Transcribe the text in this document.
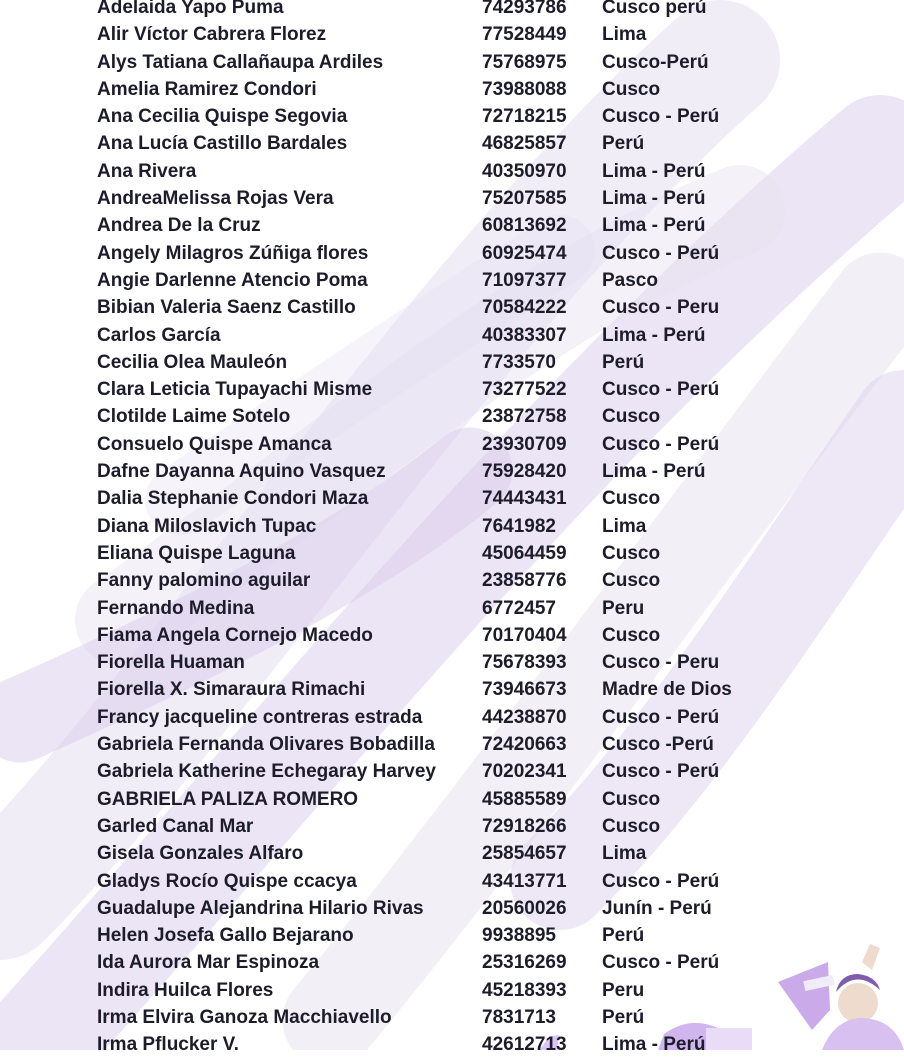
Adelaida Yapo Puma	74293786 Cusco perú
Alir Víctor Cabrera Florez	77528449 Lima
Alys Tatiana Callañaupa Ardiles	75768975 Cusco-Perú
Amelia Ramirez Condori	73988088 Cusco
Ana Cecilia Quispe Segovia	72718215 Cusco - Perú
Ana Lucía Castillo Bardales	46825857 Perú
Ana Rivera	40350970 Lima - Perú
AndreaMelissa Rojas Vera	75207585 Lima - Perú
Andrea De la Cruz	60813692 Lima - Perú
Angely Milagros Zúñiga flores	60925474 Cusco - Perú
Angie Darlenne Atencio Poma	71097377 Pasco
Bibian Valeria Saenz Castillo	70584222 Cusco - Peru
Carlos García	40383307 Lima - Perú
Cecilia Olea Mauleón	7733570 Perú
Clara Leticia Tupayachi Misme	73277522 Cusco - Perú
Clotilde Laime Sotelo	23872758 Cusco
Consuelo Quispe Amanca	23930709 Cusco - Perú
Dafne Dayanna Aquino Vasquez	75928420 Lima - Perú
Dalia Stephanie Condori Maza	74443431 Cusco
Diana Miloslavich Tupac	7641982 Lima
Eliana Quispe Laguna	45064459 Cusco
Fanny palomino aguilar	23858776 Cusco
Fernando Medina	6772457 Peru
Fiama Angela Cornejo Macedo	70170404 Cusco
Fiorella Huaman	75678393 Cusco - Peru
Fiorella X. Simaraura Rimachi	73946673 Madre de Dios
Francy jacqueline contreras estrada	44238870 Cusco - Perú
Gabriela Fernanda Olivares Bobadilla 72420663 Cusco -Perú
Gabriela Katherine Echegaray Harvey 70202341 Cusco - Perú
GABRIELA PALIZA ROMERO	45885589 Cusco
Garled Canal Mar	72918266 Cusco
Gisela Gonzales Alfaro	25854657 Lima
Gladys Rocío Quispe ccacya	43413771 Cusco - Perú
Guadalupe Alejandrina Hilario Rivas	20560026 Junín - Perú
Helen Josefa Gallo Bejarano	9938895 Perú
Ida Aurora Mar Espinoza	25316269 Cusco - Perú
Indira Huilca Flores	45218393 Peru
Irma Elvira Ganoza Macchiavello	7831713 Perú
Irma Pflucker V.	42612713 Lima - Perú
